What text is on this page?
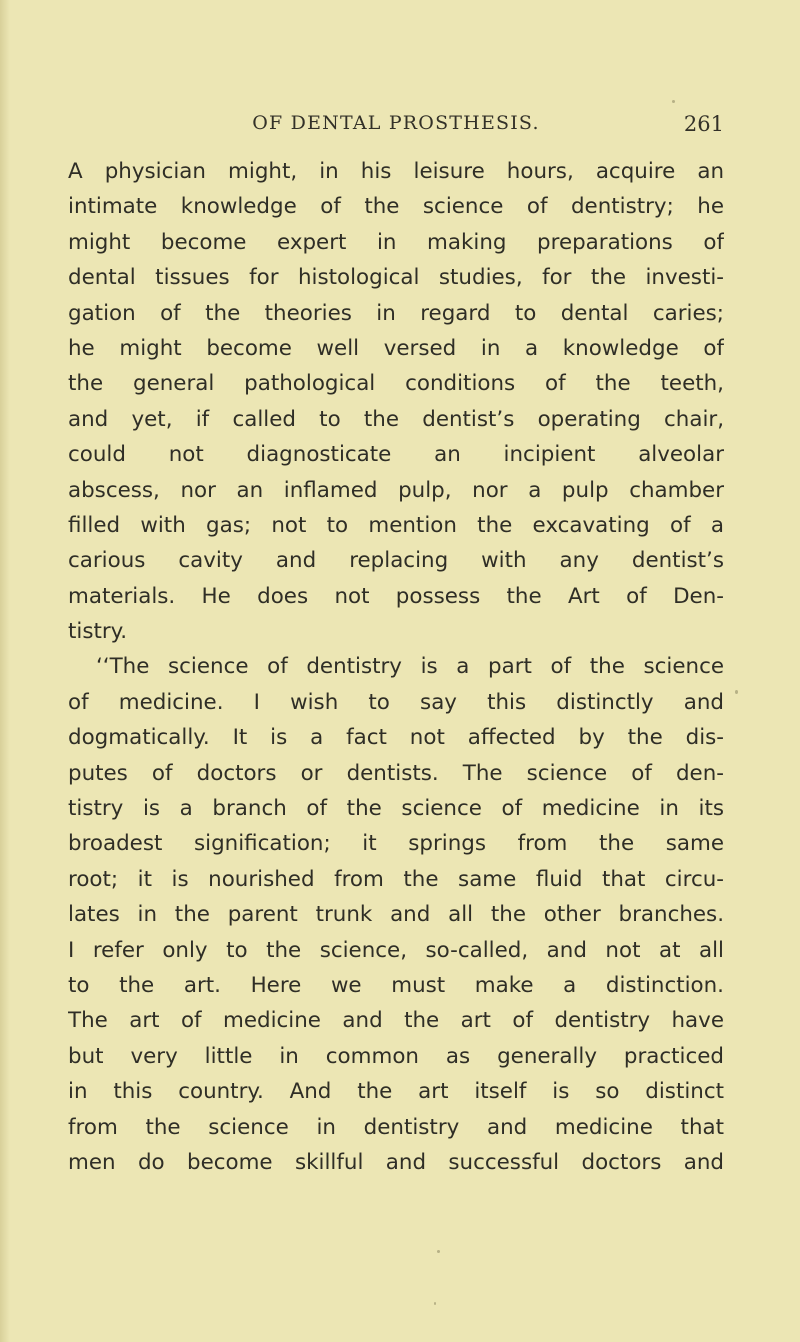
OF DENTAL PROSTHESIS.	261
A physician might, in his leisure hours, acquire an
intimate knowledge of the science of dentistry; he
might become expert in making preparations of
dental tissues for histological studies, for the investi-
gation of the theories in regard to dental caries;
he might become well versed in a knowledge of
the general pathological conditions of the teeth,
and yet, if called to the dentist’s operating chair,
could not diagnosticate an incipient alveolar
abscess, nor an inflamed pulp, nor a pulp chamber
filled with gas; not to mention the excavating of a
carious cavity and replacing with any dentist’s
materials. He does not possess the Art of Den-
tistry.
‘‘The science of dentistry is a part of the science
of medicine. I wish to say this distinctly and
dogmatically. It is a fact not affected by the dis-
putes of doctors or dentists. The science of den-
tistry is a branch of the science of medicine in its
broadest signification; it springs from the same
root; it is nourished from the same fluid that circu-
lates in the parent trunk and all the other branches.
I refer only to the science, so-called, and not at all
to the art. Here we must make a distinction.
The art of medicine and the art of dentistry have
but very little in common as generally practiced
in this country. And the art itself is so distinct
from the science in dentistry and medicine that
men do become skillful and successful doctors and
